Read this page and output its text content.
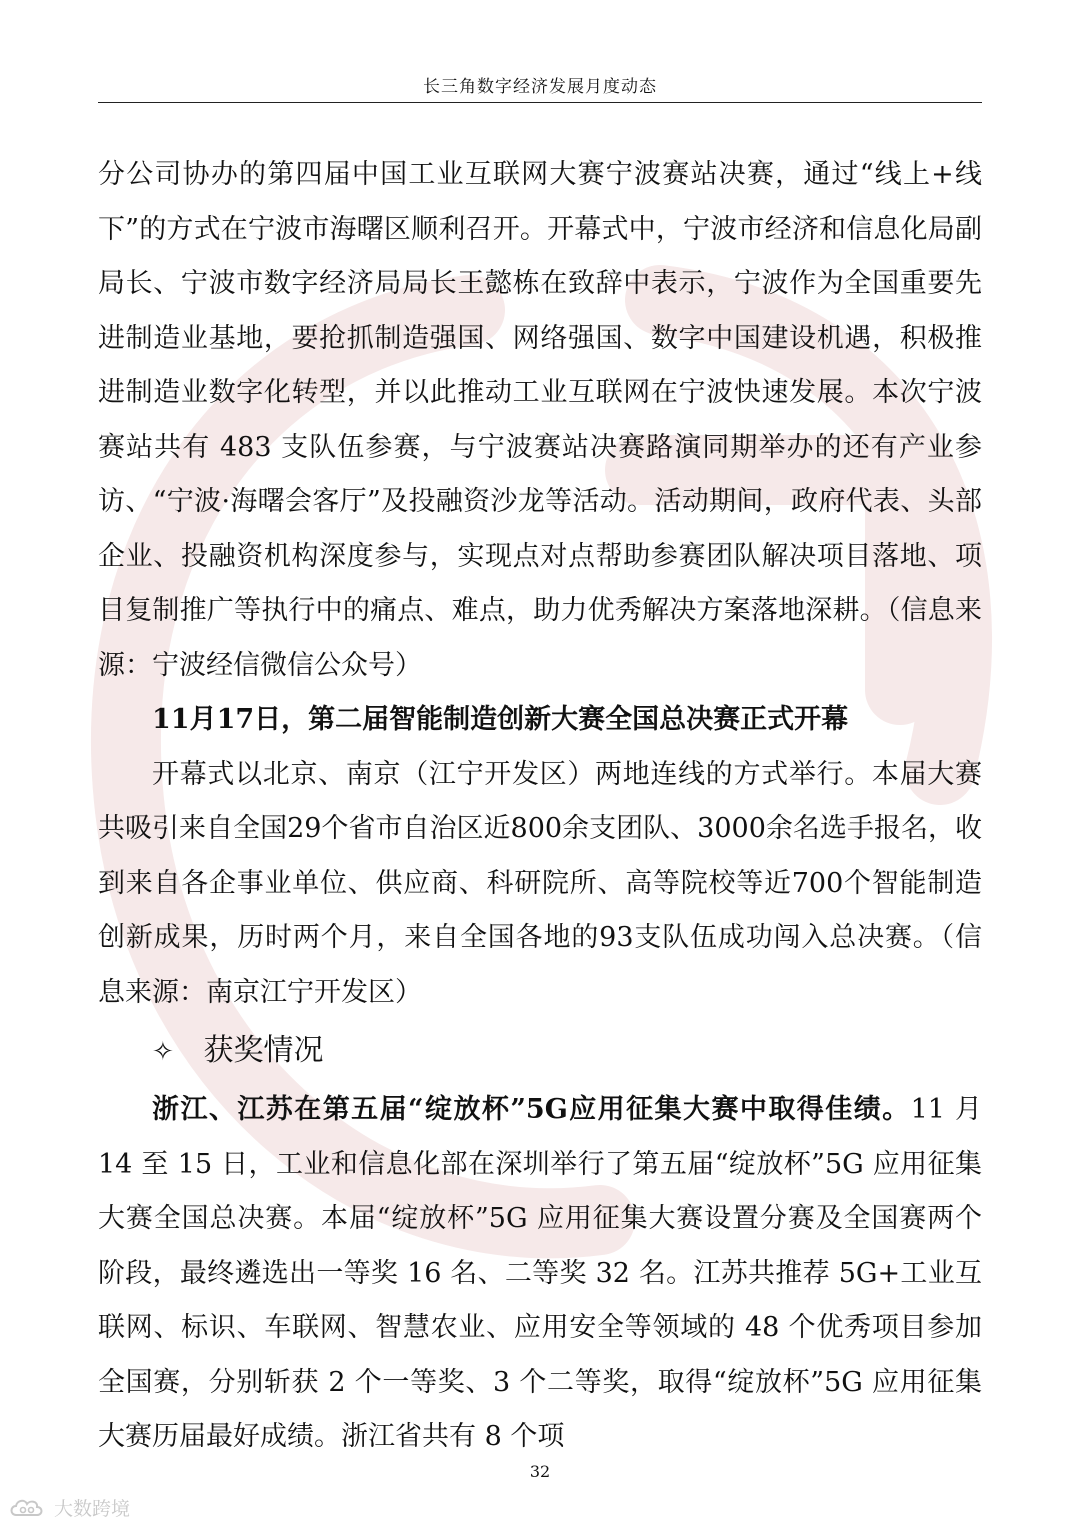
长三角数字经济发展月度动态

分公司协办的第四届中国工业互联网大赛宁波赛站决赛，通过“线上+线下”的方式在宁波市海曙区顺利召开。开幕式中，宁波市经济和信息化局副局长、宁波市数字经济局局长王懿栋在致辞中表示，宁波作为全国重要先进制造业基地，要抢抓制造强国、网络强国、数字中国建设机遇，积极推进制造业数字化转型，并以此推动工业互联网在宁波快速发展。本次宁波赛站共有 483 支队伍参赛，与宁波赛站决赛路演同期举办的还有产业参访、“宁波·海曙会客厅”及投融资沙龙等活动。活动期间，政府代表、头部企业、投融资机构深度参与，实现点对点帮助参赛团队解决项目落地、项目复制推广等执行中的痛点、难点，助力优秀解决方案落地深耕。（信息来源：宁波经信微信公众号）

11月17日，第二届智能制造创新大赛全国总决赛正式开幕

开幕式以北京、南京（江宁开发区）两地连线的方式举行。本届大赛共吸引来自全国29个省市自治区近800余支团队、3000余名选手报名，收到来自各企事业单位、供应商、科研院所、高等院校等近700个智能制造创新成果，历时两个月，来自全国各地的93支队伍成功闯入总决赛。（信息来源：南京江宁开发区）

✧ 获奖情况

浙江、江苏在第五届“绽放杯”5G应用征集大赛中取得佳绩。11 月 14 至 15 日，工业和信息化部在深圳举行了第五届“绽放杯”5G 应用征集大赛全国总决赛。本届“绽放杯”5G 应用征集大赛设置分赛及全国赛两个阶段，最终遴选出一等奖 16 名、二等奖 32 名。江苏共推荐 5G+工业互联网、标识、车联网、智慧农业、应用安全等领域的 48 个优秀项目参加全国赛，分别斩获 2 个一等奖、3 个二等奖，取得“绽放杯”5G 应用征集大赛历届最好成绩。浙江省共有 8 个项

32
大数跨境
